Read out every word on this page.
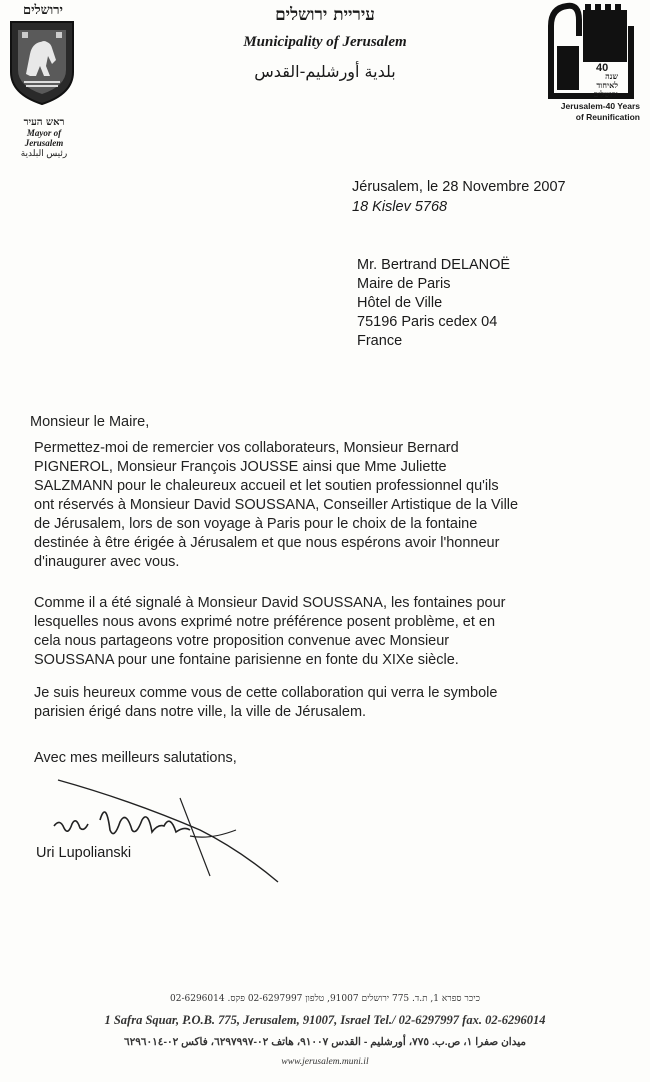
ירושלים
ראש העיר
Mayor of
Jerusalem
رئيس البلدية
עיריית ירושלים
Municipality of Jerusalem
بلدية أورشليم-القدس	40
שנה
לאיחוד
ירושלים
Jerusalem-40 Years
of Reunification
Jérusalem, le 28 Novembre 2007
18 Kislev 5768
Mr. Bertrand DELANOË
Maire de Paris
Hôtel de Ville
75196 Paris cedex 04
France
Monsieur le Maire,
Permettez-moi de remercier vos collaborateurs, Monsieur Bernard
PIGNEROL, Monsieur François JOUSSE ainsi que Mme Juliette
SALZMANN pour le chaleureux accueil et let soutien professionnel qu'ils
ont réservés à Monsieur David SOUSSANA, Conseiller Artistique de la Ville
de Jérusalem, lors de son voyage à Paris pour le choix de la fontaine
destinée à être érigée à Jérusalem et que nous espérons avoir l'honneur
d'inaugurer avec vous.
Comme il a été signalé à Monsieur David SOUSSANA, les fontaines pour
lesquelles nous avons exprimé notre préférence posent problème, et en
cela nous partageons votre proposition convenue avec Monsieur
SOUSSANA pour une fontaine parisienne en fonte du XIXe siècle.
Je suis heureux comme vous de cette collaboration qui verra le symbole
parisien érigé dans notre ville, la ville de Jérusalem.
Avec mes meilleurs salutations,
Uri Lupolianski
כיכר ספרא 1, ת.ד. 775 ירושלים 91007, טלפון 02-6297997 פקס. 02-6296014
1 Safra Squar, P.O.B. 775, Jerusalem, 91007, Israel Tel./ 02-6297997 fax. 02-6296014
ميدان صفرا ١، ص.ب. ٧٧٥، أورشليم - القدس ٩١٠٠٧، هاتف ٠٢-٦٢٩٧٩٩٧، فاكس ٠٢-٦٢٩٦٠١٤
www.jerusalem.muni.il
